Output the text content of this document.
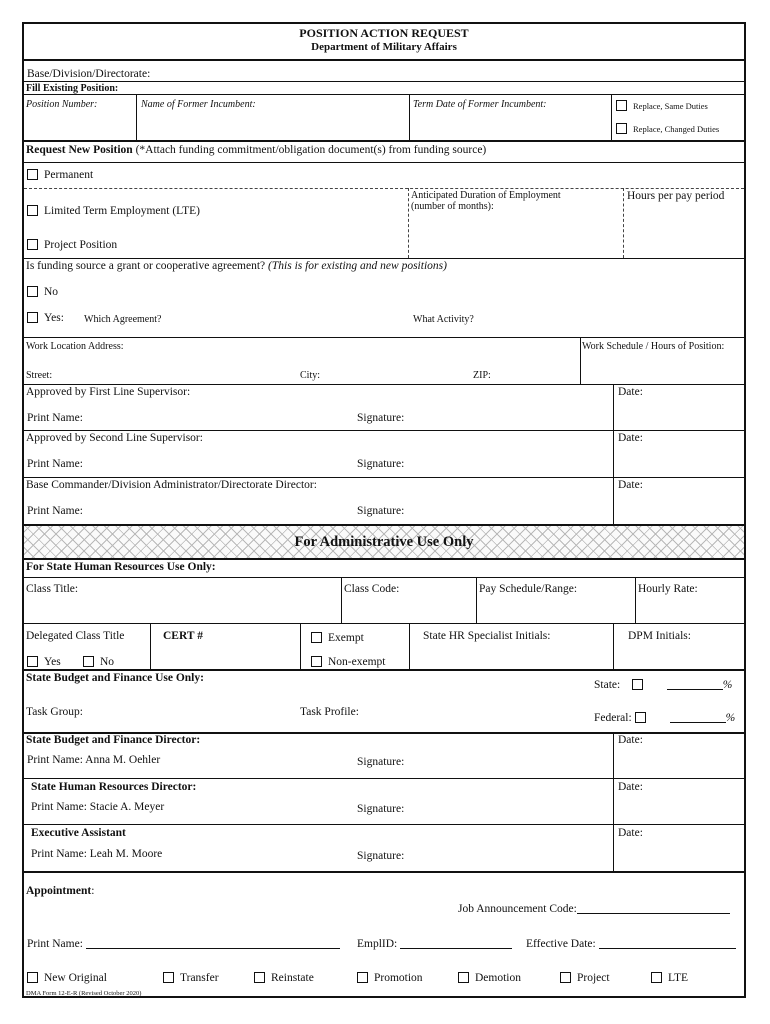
POSITION ACTION REQUEST
Department of Military Affairs
Base/Division/Directorate:
Fill Existing Position:
Position Number:	Name of Former Incumbent:	Term Date of Former Incumbent:	Replace, Same Duties
Replace, Changed Duties
Request New Position (*Attach funding commitment/obligation document(s) from funding source)
Permanent
Anticipated Duration of Employment
(number of months):
Hours per pay period
Limited Term Employment (LTE)
Project Position
Is funding source a grant or cooperative agreement? (This is for existing and new positions)
No
Yes: Which Agreement?	What Activity?
Work Location Address:	Work Schedule / Hours of Position:
Street:	City:	ZIP:
Approved by First Line Supervisor:	Date:
Print Name:	Signature:
Approved by Second Line Supervisor:	Date:
Print Name:	Signature:
Base Commander/Division Administrator/Directorate Director:	Date:
Print Name:	Signature:
For Administrative Use Only
For State Human Resources Use Only:
Class Title:	Class Code:	Pay Schedule/Range:	Hourly Rate:
Delegated Class Title	CERT #	Exempt	State HR Specialist Initials:	DPM Initials:
Yes	No	Non-exempt
State Budget and Finance Use Only:
State:	%
Task Group:	Task Profile:	Federal:	%
State Budget and Finance Director:	Date:
Print Name: Anna M. Oehler	Signature:
State Human Resources Director:	Date:
Print Name: Stacie A. Meyer	Signature:
Executive Assistant	Date:
Print Name: Leah M. Moore	Signature:
Appointment:
Job Announcement Code:
Print Name:	EmplID:	Effective Date:
New Original	Transfer	Reinstate	Promotion	Demotion	Project	LTE
DMA Form 12-E-R (Revised October 2020)
